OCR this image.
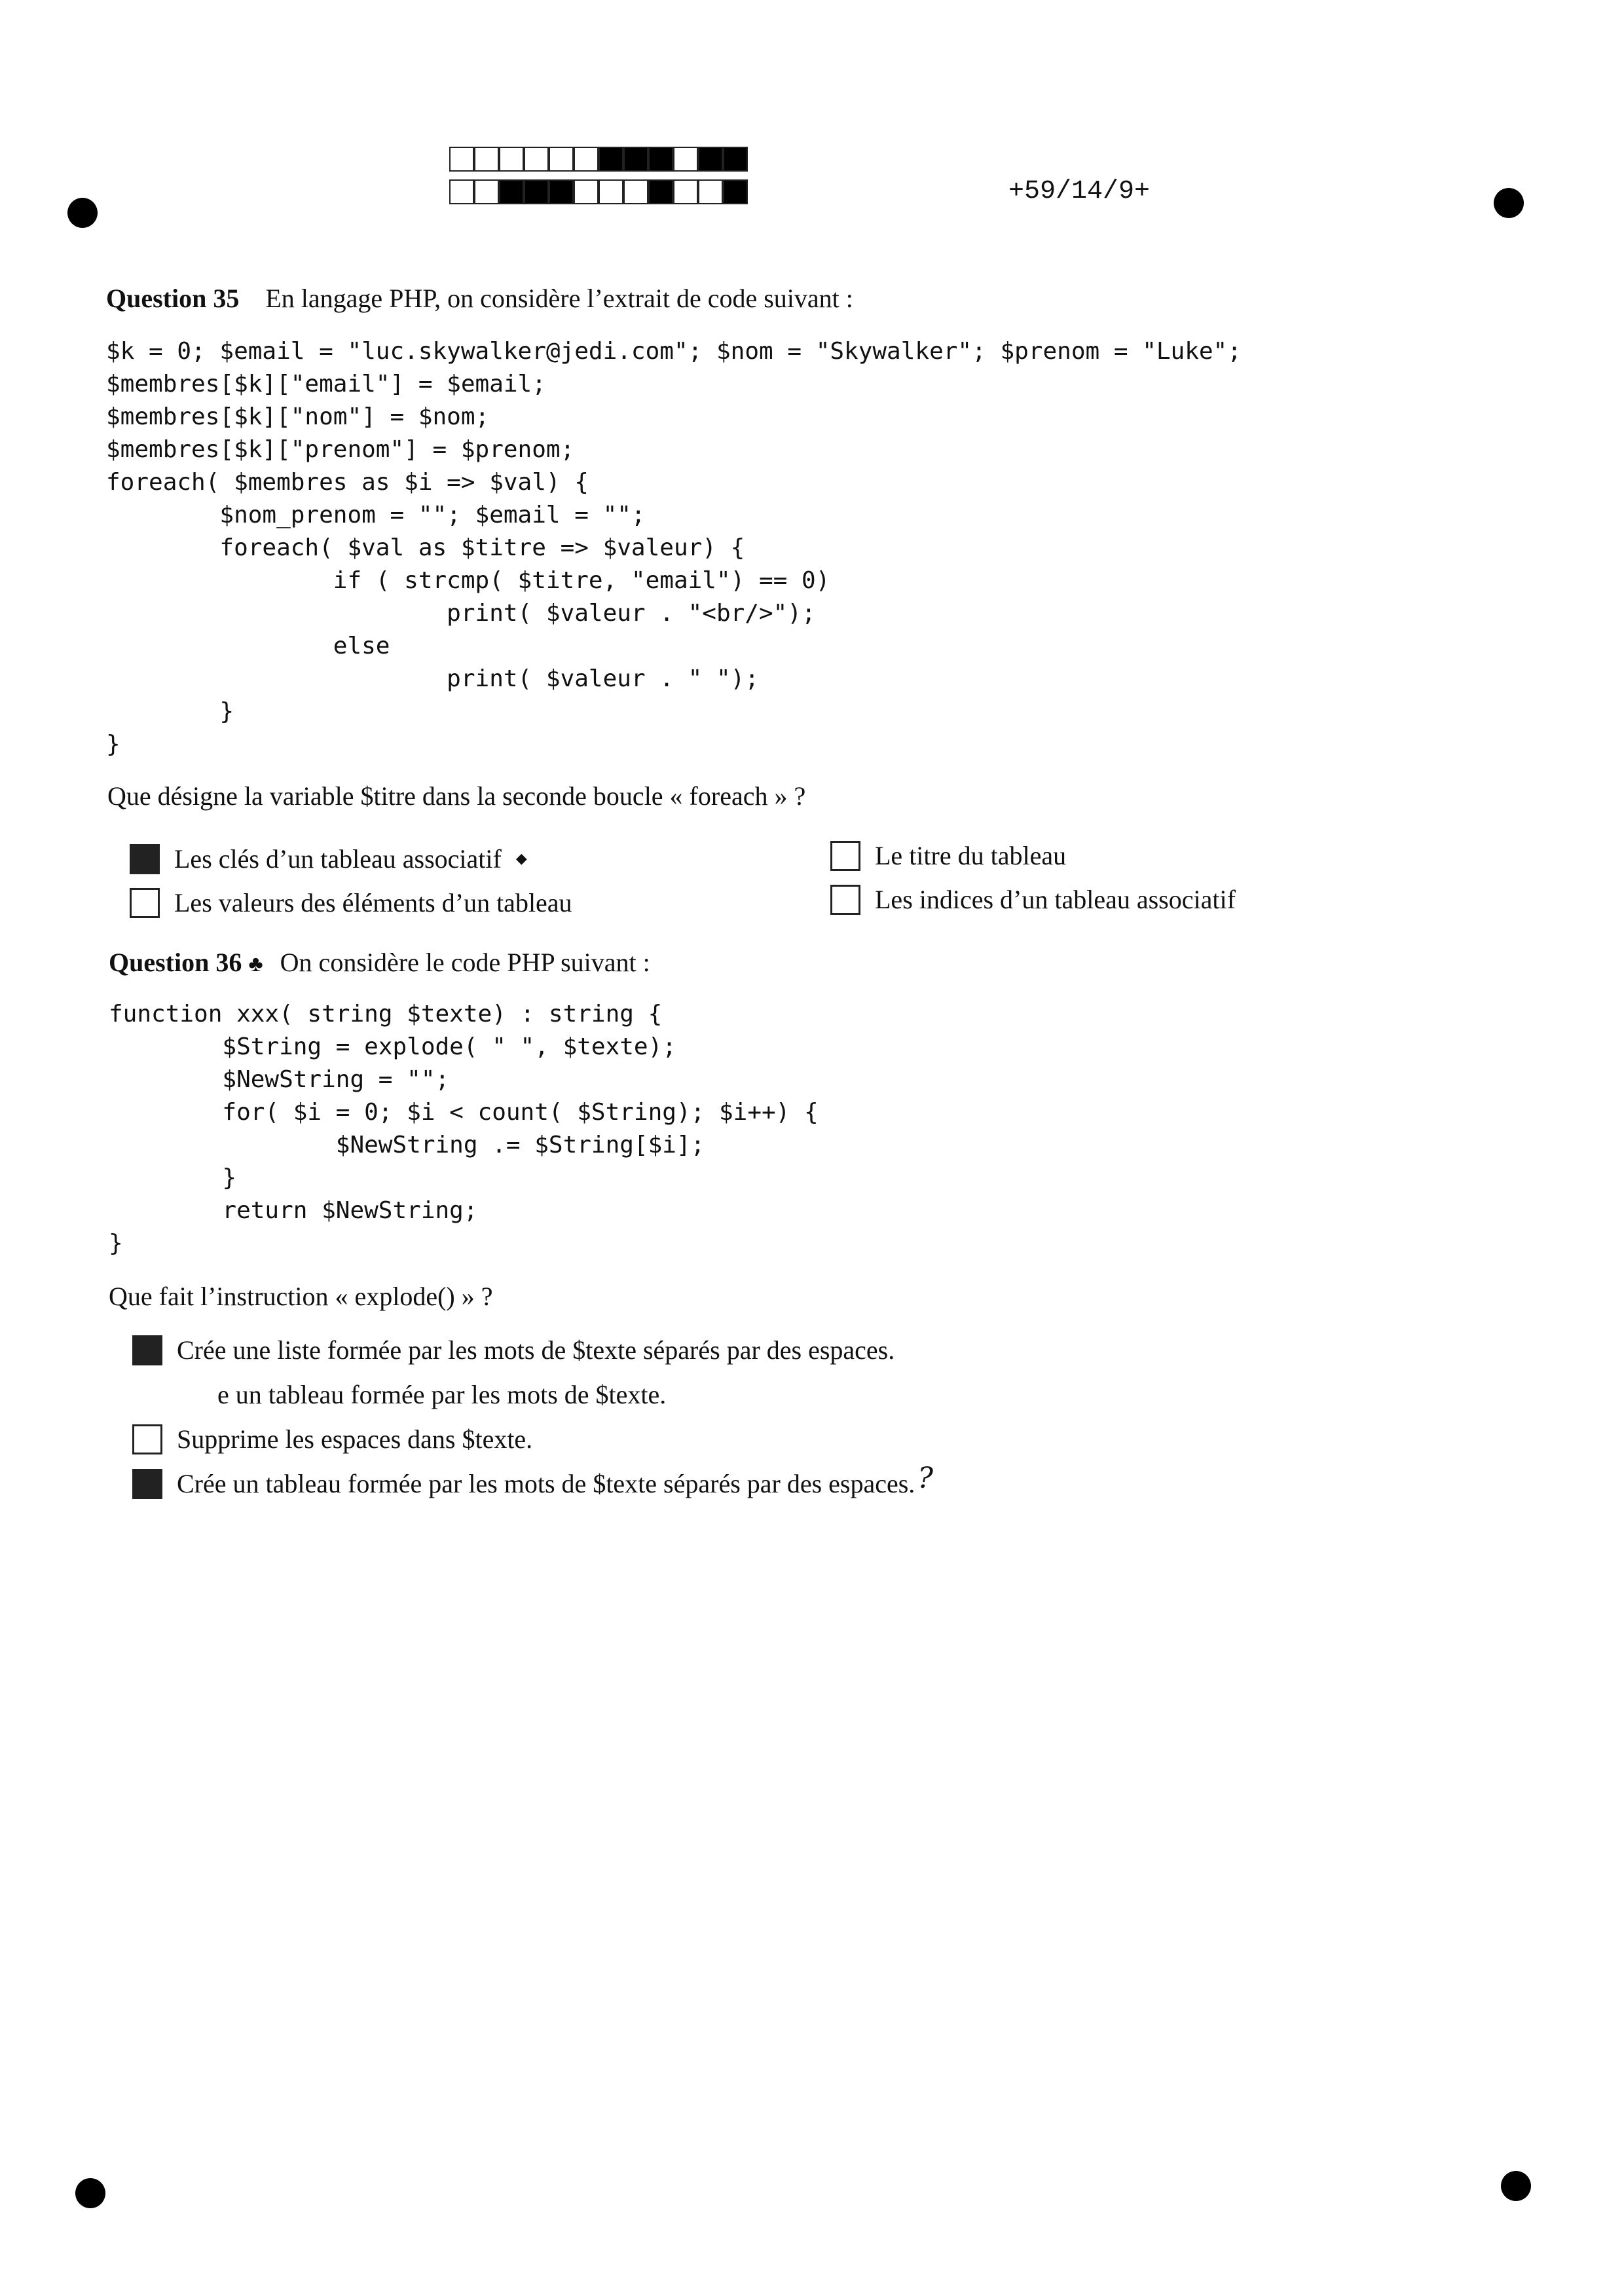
+59/14/9+
Question 35 En langage PHP, on considère l’extrait de code suivant :
$k = 0; $email = "luc.skywalker@jedi.com"; $nom = "Skywalker"; $prenom = "Luke";
$membres[$k]["email"] = $email;
$membres[$k]["nom"] = $nom;
$membres[$k]["prenom"] = $prenom;
foreach( $membres as $i => $val) {
$nom_prenom = ""; $email = "";
foreach( $val as $titre => $valeur) {
if ( strcmp( $titre, "email") == 0)
print( $valeur . "<br/>");
else
print( $valeur . " ");
}
}
Que désigne la variable $titre dans la seconde boucle « foreach » ?
Les clés d’un tableau associatif ◆
Les valeurs des éléments d’un tableau
Le titre du tableau
Les indices d’un tableau associatif
Question 36 ♣ On considère le code PHP suivant :
function xxx( string $texte) : string {
$String = explode( " ", $texte);
$NewString = "";
for( $i = 0; $i < count( $String); $i++) {
$NewString .= $String[$i];
}
return $NewString;
}
Que fait l’instruction « explode() » ?
Crée une liste formée par les mots de $texte séparés par des espaces.
e un tableau formée par les mots de $texte.
Supprime les espaces dans $texte.
Crée un tableau formée par les mots de $texte séparés par des espaces. ?
